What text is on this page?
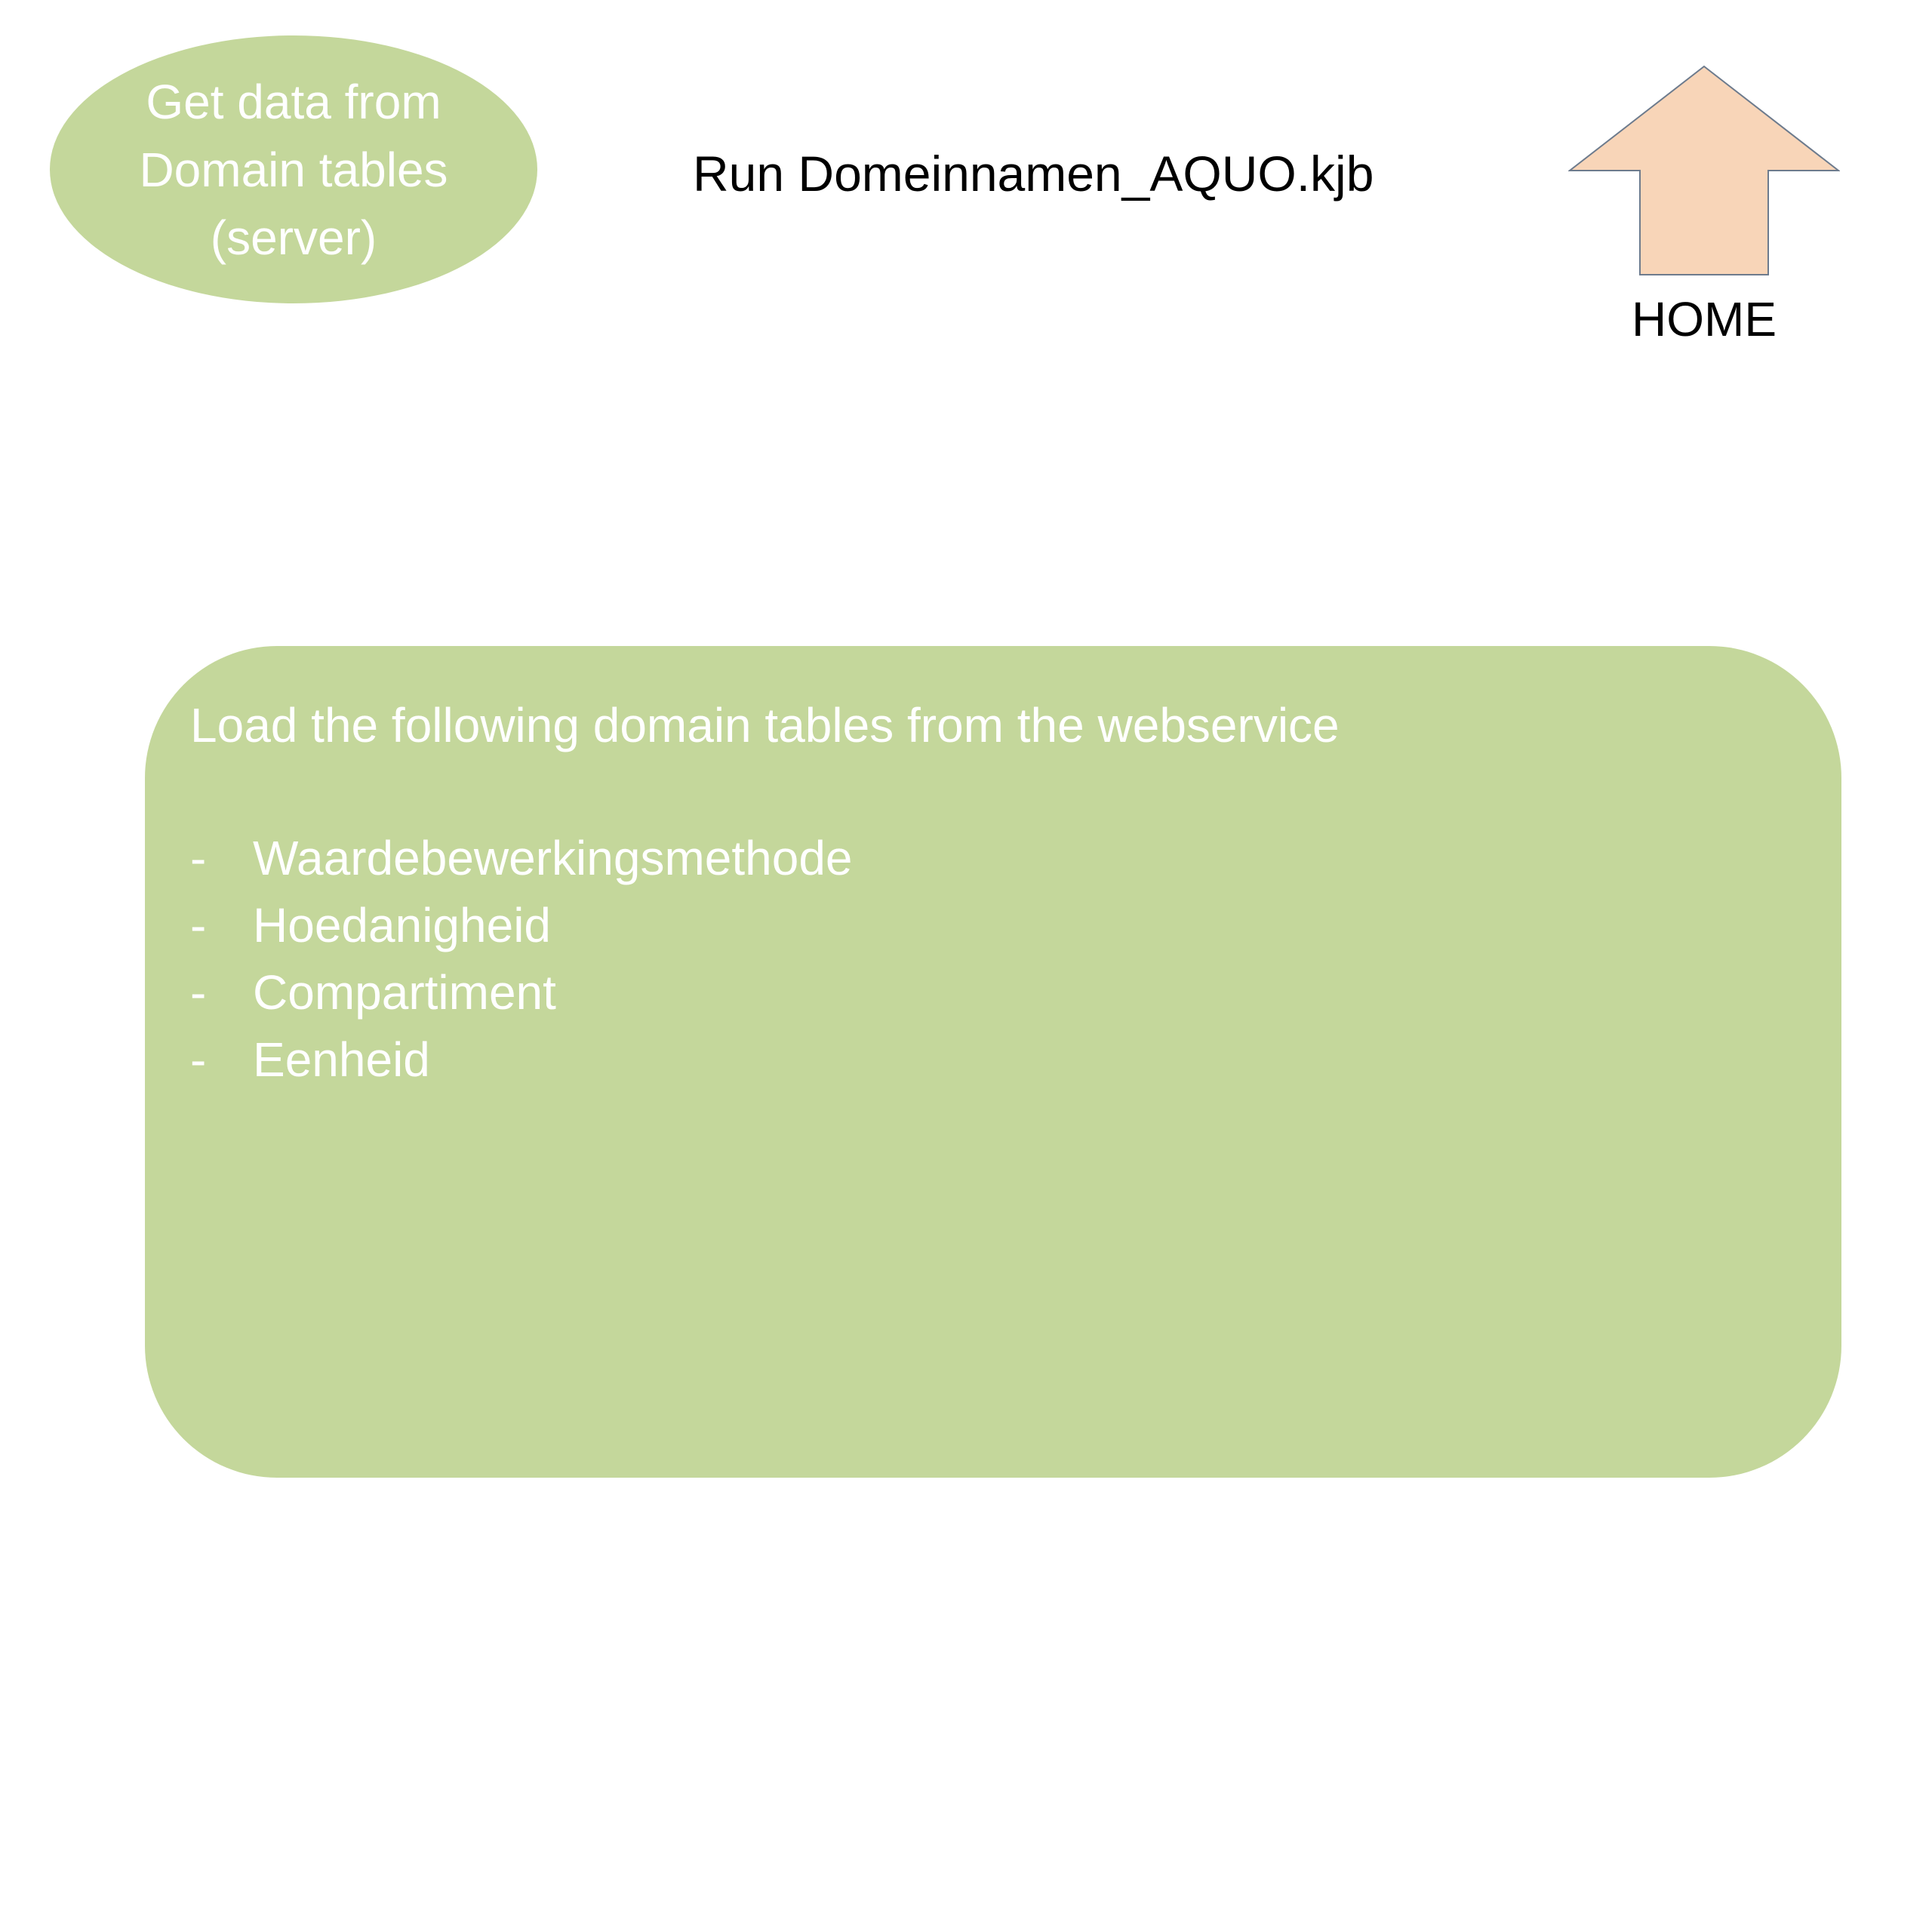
Get data from
Domain tables
(server)
Run Domeinnamen_AQUO.kjb
HOME
Load the following domain tables from the webservice
- Waardebewerkingsmethode
- Hoedanigheid
- Compartiment
- Eenheid
